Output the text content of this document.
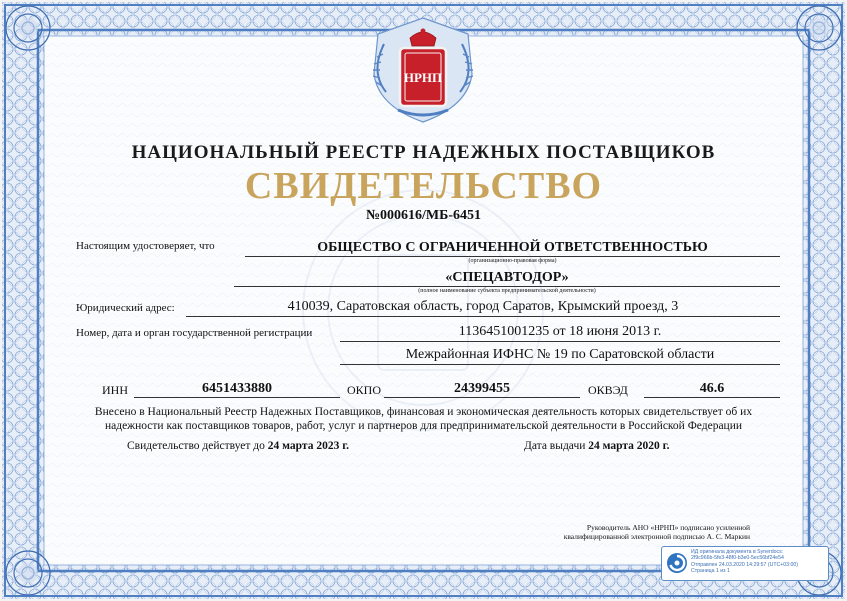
НРНП
НАЦИОНАЛЬНЫЙ РЕЕСТР НАДЕЖНЫХ ПОСТАВЩИКОВ
СВИДЕТЕЛЬСТВО
№000616/МБ-6451
Настоящим удостоверяет, что	ОБЩЕСТВО С ОГРАНИЧЕННОЙ ОТВЕТСТВЕННОСТЬЮ
(организационно-правовая форма)
«СПЕЦАВТОДОР»
(полное наименование субъекта предпринимательской деятельности)
Юридический адрес:	410039, Саратовская область, город Саратов, Крымский проезд, 3
Номер, дата и орган государственной регистрации	1136451001235 от 18 июня 2013 г.
Межрайонная ИФНС № 19 по Саратовской области
ИНН	6451433880	ОКПО	24399455	ОКВЭД	46.6
Внесено в Национальный Реестр Надежных Поставщиков, финансовая и экономическая деятельность которых свидетельствует об их
надежности как поставщиков товаров, работ, услуг и партнеров для предпринимательской деятельности в Российской Федерации
Свидетельство действует до 24 марта 2023 г.	Дата выдачи 24 марта 2020 г.
Руководитель АНО «НРНП» подписано усиленной
квалифицированной электронной подписью А. С. Маркин
ИД оригинала документа в Synerdocs:
2f9c966b-5fe3-48f0-b3e0-5ec56bf24e54
Отправлен 24.03.2020 14:29:57 (UTC+03:00)
Страница 1 из 1
